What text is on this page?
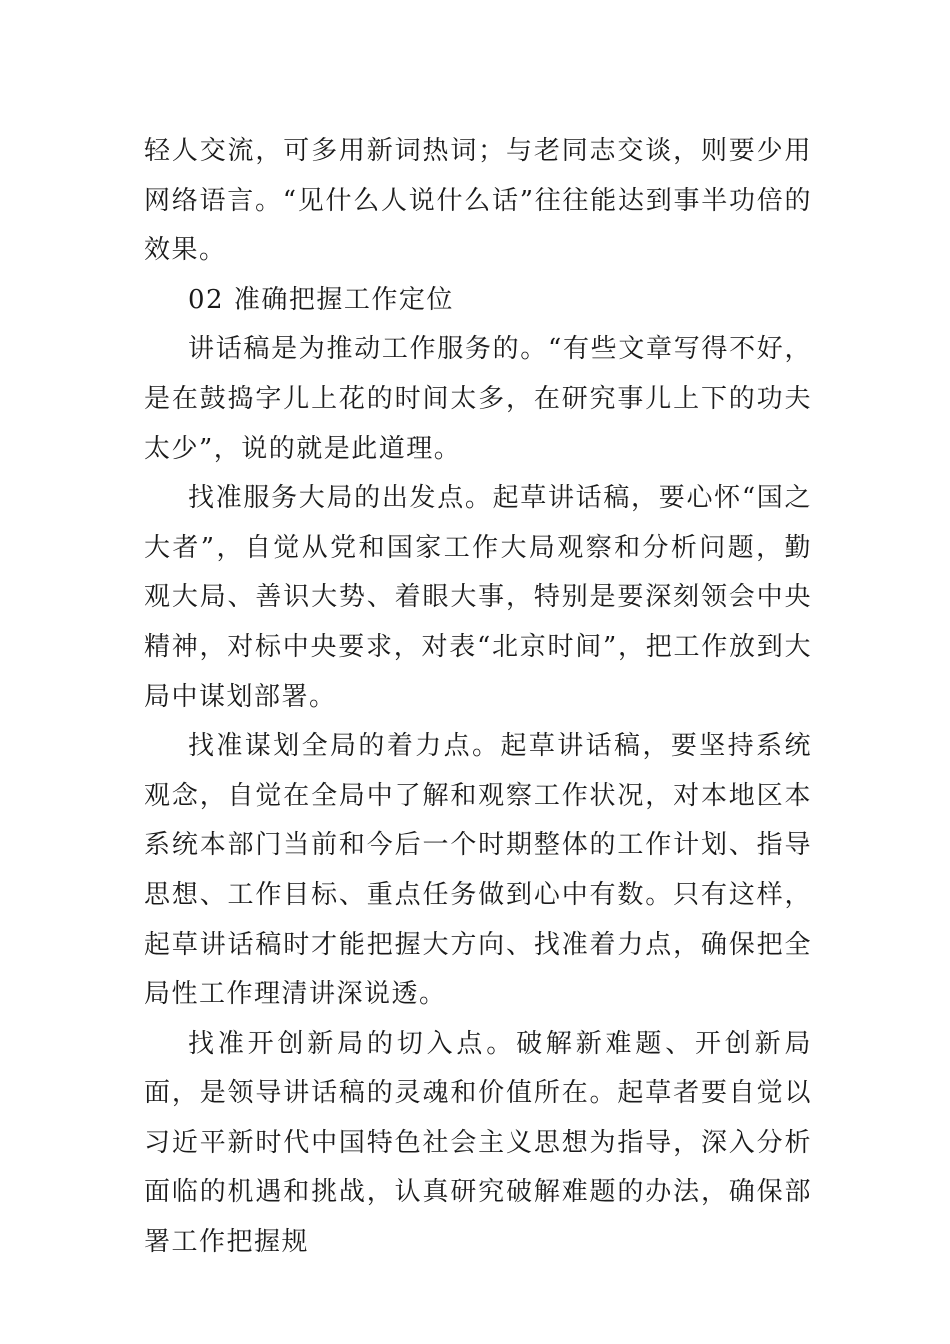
轻人交流，可多用新词热词；与老同志交谈，则要少用网络语言。“见什么人说什么话”往往能达到事半功倍的效果。

02 准确把握工作定位

讲话稿是为推动工作服务的。“有些文章写得不好，是在鼓捣字儿上花的时间太多，在研究事儿上下的功夫太少”，说的就是此道理。

找准服务大局的出发点。起草讲话稿，要心怀“国之大者”，自觉从党和国家工作大局观察和分析问题，勤观大局、善识大势、着眼大事，特别是要深刻领会中央精神，对标中央要求，对表“北京时间”，把工作放到大局中谋划部署。

找准谋划全局的着力点。起草讲话稿，要坚持系统观念，自觉在全局中了解和观察工作状况，对本地区本系统本部门当前和今后一个时期整体的工作计划、指导思想、工作目标、重点任务做到心中有数。只有这样，起草讲话稿时才能把握大方向、找准着力点，确保把全局性工作理清讲深说透。

找准开创新局的切入点。破解新难题、开创新局面，是领导讲话稿的灵魂和价值所在。起草者要自觉以习近平新时代中国特色社会主义思想为指导，深入分析面临的机遇和挑战，认真研究破解难题的办法，确保部署工作把握规
